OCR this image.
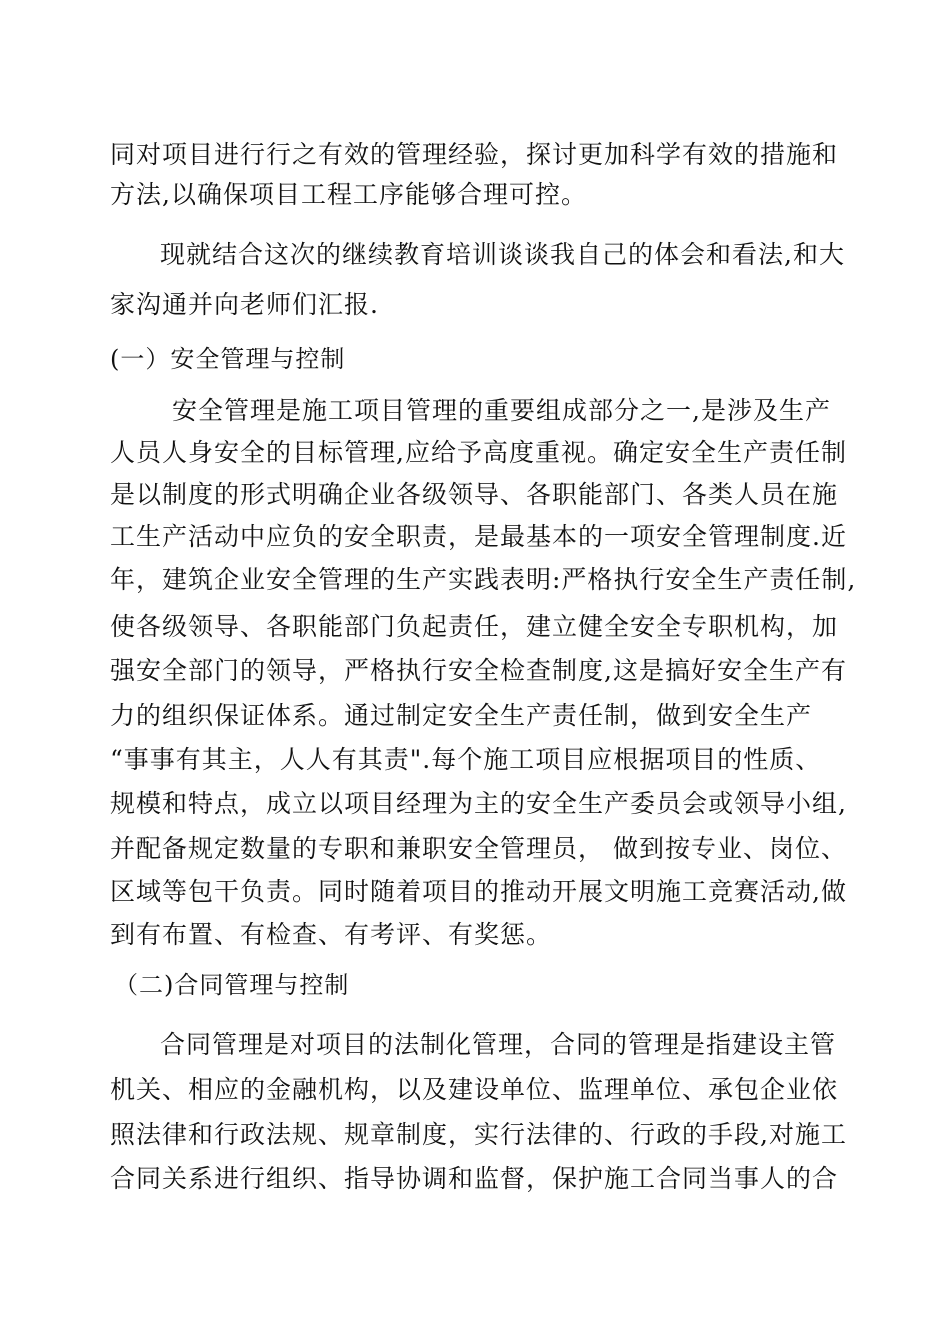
同对项目进行行之有效的管理经验，探讨更加科学有效的措施和
方法,以确保项目工程工序能够合理可控。
现就结合这次的继续教育培训谈谈我自己的体会和看法,和大
家沟通并向老师们汇报.
(一）安全管理与控制
安全管理是施工项目管理的重要组成部分之一,是涉及生产
人员人身安全的目标管理,应给予高度重视。确定安全生产责任制
是以制度的形式明确企业各级领导、各职能部门、各类人员在施
工生产活动中应负的安全职责，是最基本的一项安全管理制度.近
年，建筑企业安全管理的生产实践表明:严格执行安全生产责任制,
使各级领导、各职能部门负起责任，建立健全安全专职机构，加
强安全部门的领导，严格执行安全检查制度,这是搞好安全生产有
力的组织保证体系。通过制定安全生产责任制，做到安全生产
“事事有其主，人人有其责".每个施工项目应根据项目的性质、
规模和特点，成立以项目经理为主的安全生产委员会或领导小组,
并配备规定数量的专职和兼职安全管理员， 做到按专业、岗位、
区域等包干负责。同时随着项目的推动开展文明施工竞赛活动,做
到有布置、有检查、有考评、有奖惩。
（二)合同管理与控制
合同管理是对项目的法制化管理，合同的管理是指建设主管
机关、相应的金融机构，以及建设单位、监理单位、承包企业依
照法律和行政法规、规章制度，实行法律的、行政的手段,对施工
合同关系进行组织、指导协调和监督，保护施工合同当事人的合
